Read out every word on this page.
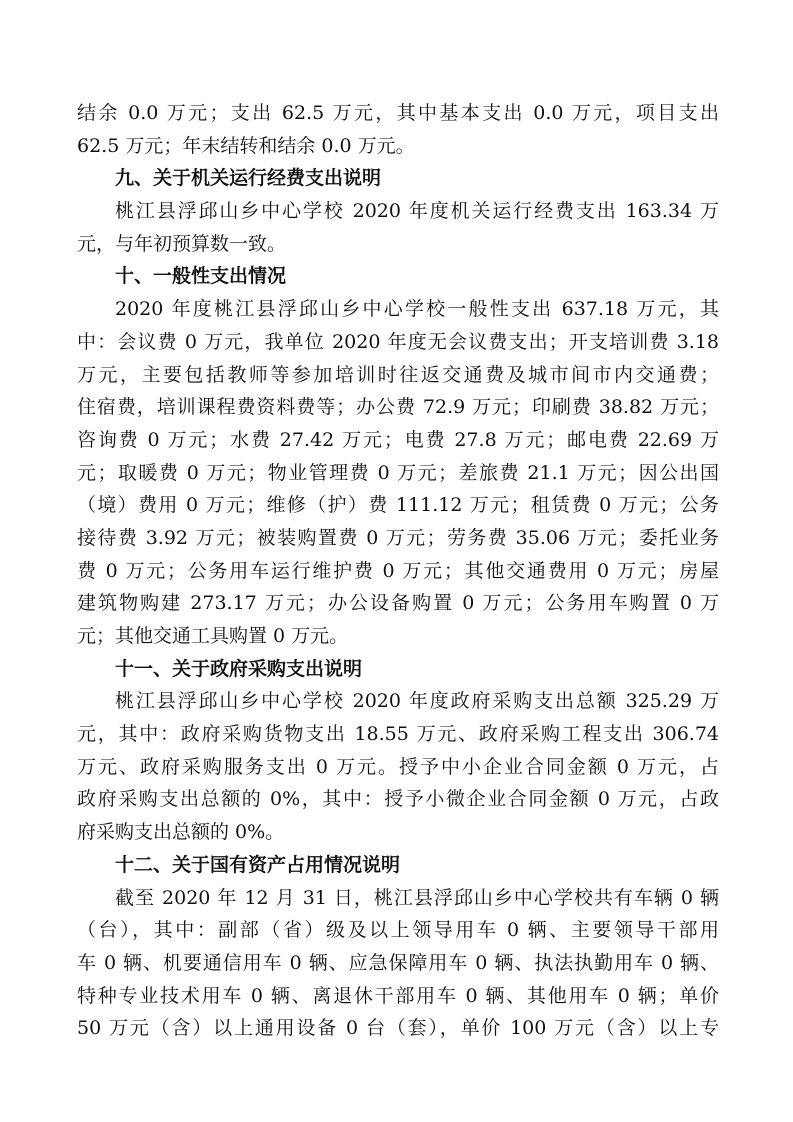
结余 0.0 万元；支出 62.5 万元，其中基本支出 0.0 万元，项目支出
62.5 万元；年末结转和结余 0.0 万元。
九、关于机关运行经费支出说明
桃江县浮邱山乡中心学校 2020 年度机关运行经费支出 163.34 万
元，与年初预算数一致。
十、一般性支出情况
2020 年度桃江县浮邱山乡中心学校一般性支出 637.18 万元，其
中：会议费 0 万元，我单位 2020 年度无会议费支出；开支培训费 3.18
万元，主要包括教师等参加培训时往返交通费及城市间市内交通费；
住宿费，培训课程费资料费等；办公费 72.9 万元；印刷费 38.82 万元；
咨询费 0 万元；水费 27.42 万元；电费 27.8 万元；邮电费 22.69 万
元；取暖费 0 万元；物业管理费 0 万元；差旅费 21.1 万元；因公出国
（境）费用 0 万元；维修（护）费 111.12 万元；租赁费 0 万元；公务
接待费 3.92 万元；被装购置费 0 万元；劳务费 35.06 万元；委托业务
费 0 万元；公务用车运行维护费 0 万元；其他交通费用 0 万元；房屋
建筑物购建 273.17 万元；办公设备购置 0 万元；公务用车购置 0 万
元；其他交通工具购置 0 万元。
十一、关于政府采购支出说明
桃江县浮邱山乡中心学校 2020 年度政府采购支出总额 325.29 万
元，其中：政府采购货物支出 18.55 万元、政府采购工程支出 306.74
万元、政府采购服务支出 0 万元。授予中小企业合同金额 0 万元，占
政府采购支出总额的 0%，其中：授予小微企业合同金额 0 万元，占政
府采购支出总额的 0%。
十二、关于国有资产占用情况说明
截至 2020 年 12 月 31 日，桃江县浮邱山乡中心学校共有车辆 0 辆
（台），其中：副部（省）级及以上领导用车 0 辆、主要领导干部用
车 0 辆、机要通信用车 0 辆、应急保障用车 0 辆、执法执勤用车 0 辆、
特种专业技术用车 0 辆、离退休干部用车 0 辆、其他用车 0 辆；单价
50 万元（含）以上通用设备 0 台（套），单价 100 万元（含）以上专
